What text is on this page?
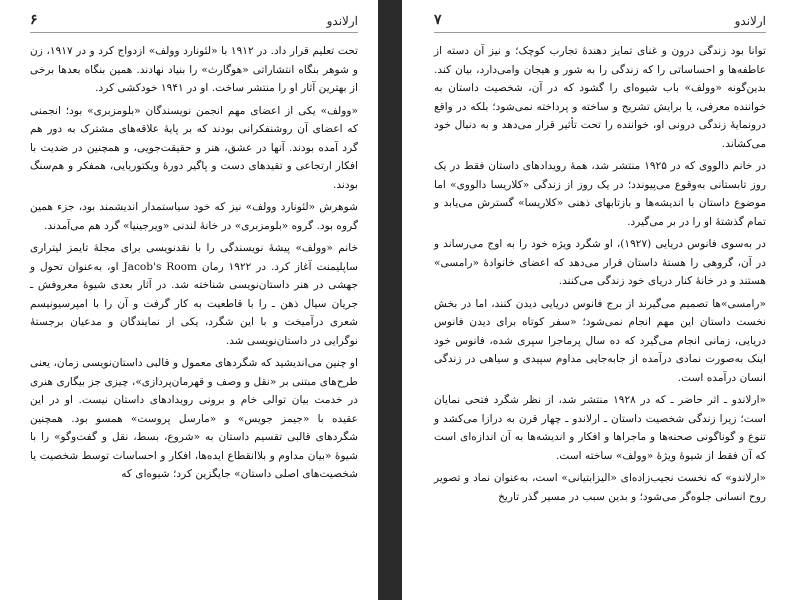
۶	ارلاندو

تحت تعلیم قرار داد. در ۱۹۱۲ با «لئونارد وولف» ازدواج کرد و در ۱۹۱۷، زن و شوهر بنگاه انتشاراتی «هوگارث» را بنیاد نهادند. همین بنگاه بعدها برخی از بهترین آثار او را منتشر ساخت. او در ۱۹۴۱ خودکشی کرد.

«وولف» یکی از اعضای مهم انجمن نویسندگان «بلومزبری» بود؛ انجمنی که اعضای آن روشنفکرانی بودند که بر پایهٔ علاقه‌های مشترک به دور هم گرد آمده بودند. آنها در عشق، هنر و حقیقت‌جویی، و همچنین در ضدیت با افکار ارتجاعی و تقیدهای دست و پاگیر دورهٔ ویکتوریایی، همفکر و هم‌سنگ بودند.

شوهرش «لئونارد وولف» نیز که خود سیاستمدار اندیشمند بود، جزء همین گروه بود. گروه «بلومزبری» در خانهٔ لندنی «ویرجینیا» گرد هم می‌آمدند.

خانم «وولف» پیشهٔ نویسندگی را با نقدنویسی برای مجلهٔ تایمز لیتراری ساپلیمنت آغاز کرد. در ۱۹۲۲ رمان Jacob's Room او، به‌عنوان تحول و جهشی در هنر داستان‌نویسی شناخته شد. در آثار بعدی شیوهٔ معروفش ـ جریان سیال ذهن ـ را با قاطعیت به کار گرفت و آن را با امپرسیونیسم شعری درآمیخت و با این شگرد، یکی از نمایندگان و مدعیان برجستهٔ نوگرایی در داستان‌نویسی شد.

او چنین می‌اندیشید که شگردهای معمول و قالبی داستان‌نویسی زمان، یعنی طرح‌های مبتنی بر «نقل و وصف و قهرمان‌پردازی»، چیزی جز بیگاری هنری در خدمت بیان توالی خام و برونی رویدادهای داستان نیست. او در این عقیده با «جیمز جویس» و «مارسل پروست» همسو بود. همچنین شگردهای قالبی تقسیم داستان به «شروع، بسط، نقل و گفت‌وگو» را با شیوهٔ «بیان مداوم و بلاانقطاع ایده‌ها، افکار و احساسات توسط شخصیت یا شخصیت‌های اصلی داستان» جایگزین کرد؛ شیوه‌ای که

۷	ارلاندو

توانا بود زندگی درون و غنای تمایز دهندهٔ تجارب کوچک؛ و نیز آن دسته از عاطفه‌ها و احساساتی را که زندگی را به شور و هیجان وامی‌دارد، بیان کند. بدین‌گونه «وولف» باب شیوه‌ای را گشود که در آن، شخصیت داستان به خواننده معرفی، یا برایش تشریح و ساخته و پرداخته نمی‌شود؛ بلکه در واقع درونمایهٔ زندگی درونی او، خواننده را تحت تأثیر قرار می‌دهد و به دنبال خود می‌کشاند.

در خانم دالووی که در ۱۹۲۵ منتشر شد، همهٔ رویدادهای داستان فقط در یک روز تابستانی به‌وقوع می‌پیوندد؛ در یک روز از زندگی «کلاریسا دالووی» اما موضوع داستان با اندیشه‌ها و بازتابهای ذهنی «کلاریسا» گسترش می‌یابد و تمام گذشتهٔ او را در بر می‌گیرد.

در به‌سوی فانوس دریایی (۱۹۲۷)، او شگرد ویژه خود را به اوج می‌رساند و در آن، گروهی را هستهٔ داستان قرار می‌دهد که اعضای خانوادهٔ «رامسی» هستند و در خانهٔ کنار دریای خود زندگی می‌کنند.

«رامسی»ها تصمیم می‌گیرند از برج فانوس دریایی دیدن کنند، اما در بخش نخست داستان این مهم انجام نمی‌شود؛ «سفر کوتاه برای دیدن فانوس دریایی، زمانی انجام می‌گیرد که ده سال پرماجرا سپری شده، فانوس خود اینک به‌صورت نمادی درآمده از جابه‌جایی مداوم سپیدی و سیاهی در زندگی انسان درآمده است.

«ارلاندو ـ اثر حاضر ـ که در ۱۹۲۸ منتشر شد، از نظر شگرد فتحی نمایان است؛ زیرا زندگی شخصیت داستان ـ ارلاندو ـ چهار قرن به درازا می‌کشد و تنوع و گوناگونی صحنه‌ها و ماجراها و افکار و اندیشه‌ها به آن اندازه‌ای است که آن فقط از شیوهٔ ویژهٔ «وولف» ساخته است.

«ارلاندو» که نخست نجیب‌زاده‌ای «الیزابتیانی» است، به‌عنوان نماد و تصویر روح انسانی جلوه‌گر می‌شود؛ و بدین سبب در مسیر گذر تاریخ
